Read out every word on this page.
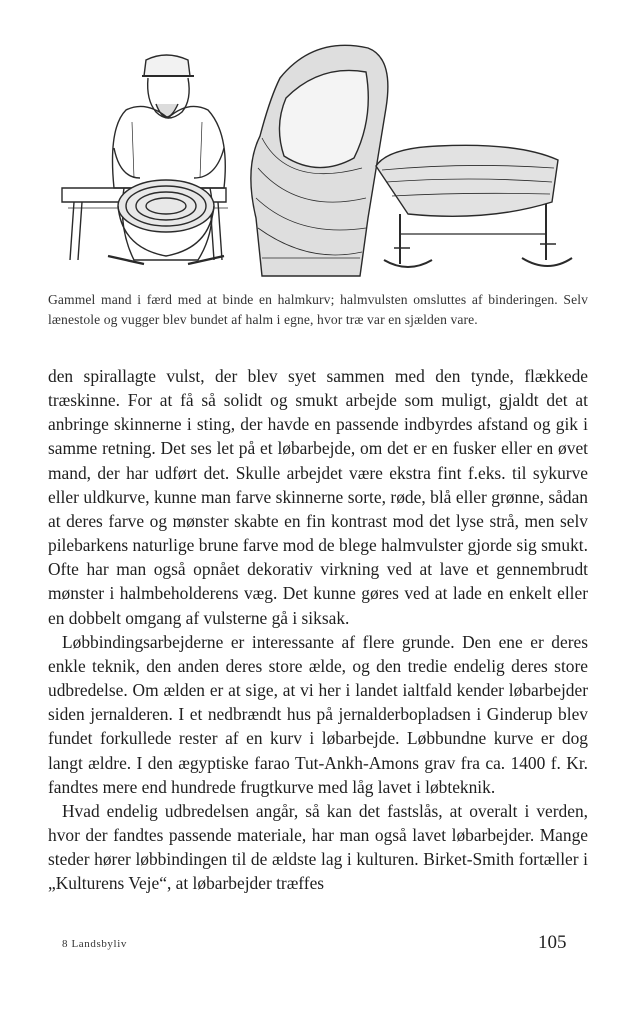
Gammel mand i færd med at binde en halmkurv; halmvulsten omsluttes af binderingen. Selv lænestole og vugger blev bundet af halm i egne, hvor træ var en sjælden vare.

den spirallagte vulst, der blev syet sammen med den tynde, flækkede træskinne. For at få så solidt og smukt arbejde som muligt, gjaldt det at anbringe skinnerne i sting, der havde en passende indbyrdes afstand og gik i samme retning. Det ses let på et løbarbejde, om det er en fusker eller en øvet mand, der har udført det. Skulle arbejdet være ekstra fint f.eks. til sykurve eller uldkurve, kunne man farve skinnerne sorte, røde, blå eller grønne, sådan at deres farve og mønster skabte en fin kontrast mod det lyse strå, men selv pilebarkens naturlige brune farve mod de blege halmvulster gjorde sig smukt. Ofte har man også opnået dekorativ virkning ved at lave et gennembrudt mønster i halmbeholderens væg. Det kunne gøres ved at lade en enkelt eller en dobbelt omgang af vulsterne gå i siksak.

Løbbindingsarbejderne er interessante af flere grunde. Den ene er deres enkle teknik, den anden deres store ælde, og den tredie endelig deres store udbredelse. Om ælden er at sige, at vi her i landet ialtfald kender løbarbejder siden jernalderen. I et nedbrændt hus på jernalderbopladsen i Ginderup blev fundet forkullede rester af en kurv i løbarbejde. Løbbundne kurve er dog langt ældre. I den ægyptiske farao Tut-Ankh-Amons grav fra ca. 1400 f. Kr. fandtes mere end hundrede frugtkurve med låg lavet i løbteknik.

Hvad endelig udbredelsen angår, så kan det fastslås, at overalt i verden, hvor der fandtes passende materiale, har man også lavet løbarbejder. Mange steder hører løbbindingen til de ældste lag i kulturen. Birket-Smith fortæller i „Kulturens Veje“, at løbarbejder træffes

8 Landsbyliv	105
